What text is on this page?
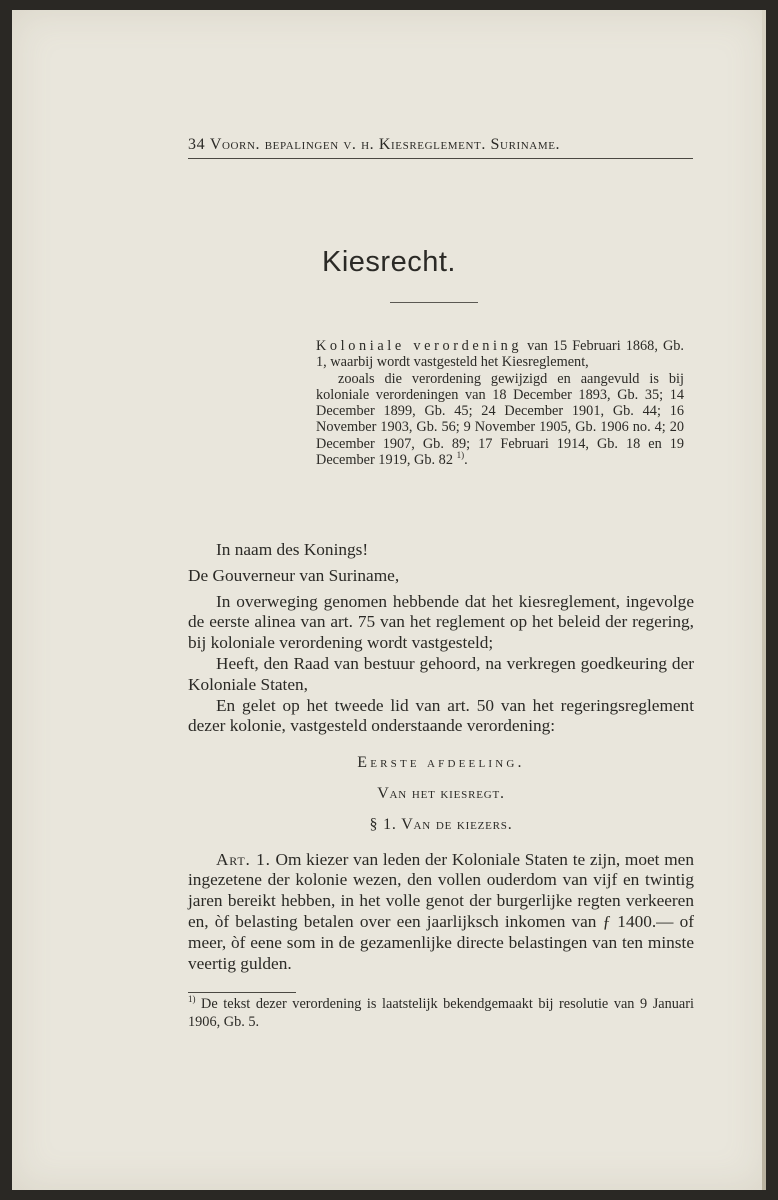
34 Voorn. bepalingen v. h. Kiesreglement. Suriname.
Kiesrecht.
Koloniale verordening van 15 Februari 1868, Gb. 1, waarbij wordt vastgesteld het Kiesreglement,
zooals die verordening gewijzigd en aangevuld is bij koloniale verordeningen van 18 December 1893, Gb. 35; 14 December 1899, Gb. 45; 24 December 1901, Gb. 44; 16 November 1903, Gb. 56; 9 November 1905, Gb. 1906 no. 4; 20 December 1907, Gb. 89; 17 Februari 1914, Gb. 18 en 19 December 1919, Gb. 82 $^{1)}$.

In naam des Konings!

De Gouverneur van Suriname,

In overweging genomen hebbende dat het kiesreglement, ingevolge de eerste alinea van art. 75 van het reglement op het beleid der regering, bij koloniale verordening wordt vastgesteld;

Heeft, den Raad van bestuur gehoord, na verkregen goedkeuring der Koloniale Staten,

En gelet op het tweede lid van art. 50 van het regeringsreglement dezer kolonie, vastgesteld onderstaande verordening:

Eerste afdeeling.

Van het kiesregt.

§ 1. Van de kiezers.

Art. 1. Om kiezer van leden der Koloniale Staten te zijn, moet men ingezetene der kolonie wezen, den vollen ouderdom van vijf en twintig jaren bereikt hebben, in het volle genot der burgerlijke regten verkeeren en, òf belasting betalen over een jaarlijksch inkomen van ƒ 1400.— of meer, òf eene som in de gezamenlijke directe belastingen van ten minste veertig gulden.

$^{1)}$ De tekst dezer verordening is laatstelijk bekendgemaakt bij resolutie van 9 Januari 1906, Gb. 5.
